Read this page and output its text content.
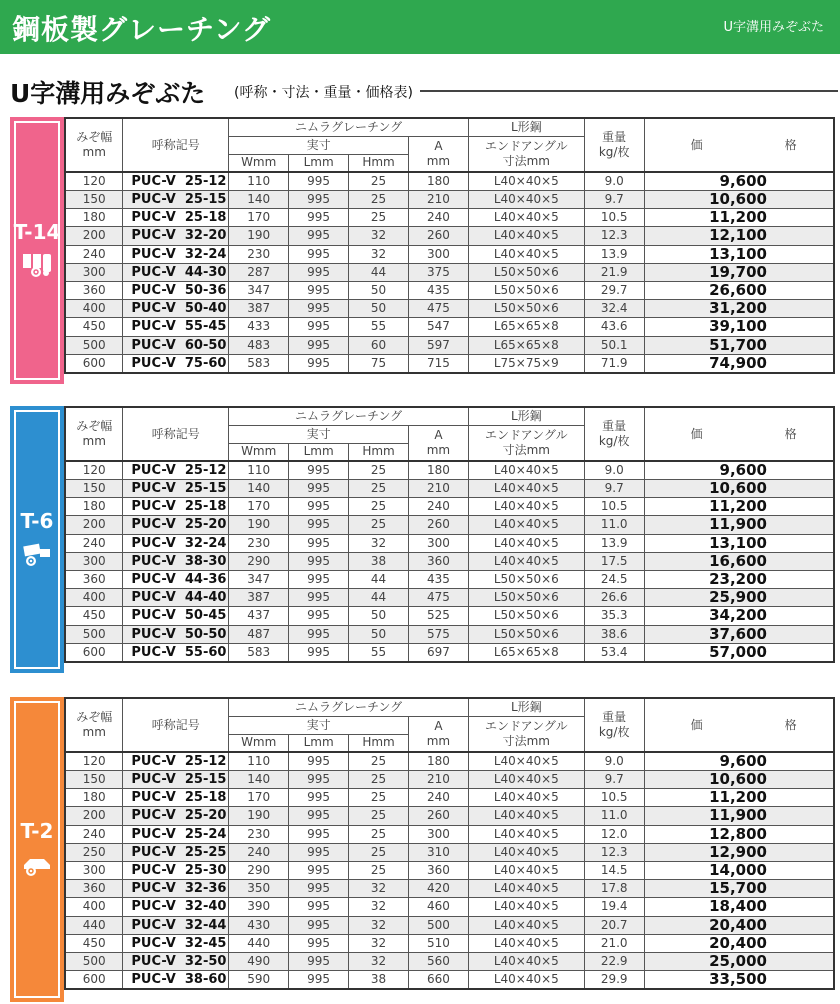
鋼板製グレーチング	U字溝用みぞぶた
U字溝用みぞぶた (呼称・寸法・重量・価格表)
T-14
みぞ幅
mm	呼称記号	ニムラグレーチング				L形鋼	重量
kg/枚	価 格
		実寸			A
mm	エンドアングル
寸法mm		
		Wmm	Lmm	Hmm				
120	PUC-V  25-12	110	995	25	180	L40×40×5	9.0	9,600
150	PUC-V  25-15	140	995	25	210	L40×40×5	9.7	10,600
180	PUC-V  25-18	170	995	25	240	L40×40×5	10.5	11,200
200	PUC-V  32-20	190	995	32	260	L40×40×5	12.3	12,100
240	PUC-V  32-24	230	995	32	300	L40×40×5	13.9	13,100
300	PUC-V  44-30	287	995	44	375	L50×50×6	21.9	19,700
360	PUC-V  50-36	347	995	50	435	L50×50×6	29.7	26,600
400	PUC-V  50-40	387	995	50	475	L50×50×6	32.4	31,200
450	PUC-V  55-45	433	995	55	547	L65×65×8	43.6	39,100
500	PUC-V  60-50	483	995	60	597	L65×65×8	50.1	51,700
600	PUC-V  75-60	583	995	75	715	L75×75×9	71.9	74,900
T-6
みぞ幅
mm	呼称記号	ニムラグレーチング				L形鋼	重量
kg/枚	価 格
		実寸			A
mm	エンドアングル
寸法mm		
		Wmm	Lmm	Hmm				
120	PUC-V  25-12	110	995	25	180	L40×40×5	9.0	9,600
150	PUC-V  25-15	140	995	25	210	L40×40×5	9.7	10,600
180	PUC-V  25-18	170	995	25	240	L40×40×5	10.5	11,200
200	PUC-V  25-20	190	995	25	260	L40×40×5	11.0	11,900
240	PUC-V  32-24	230	995	32	300	L40×40×5	13.9	13,100
300	PUC-V  38-30	290	995	38	360	L40×40×5	17.5	16,600
360	PUC-V  44-36	347	995	44	435	L50×50×6	24.5	23,200
400	PUC-V  44-40	387	995	44	475	L50×50×6	26.6	25,900
450	PUC-V  50-45	437	995	50	525	L50×50×6	35.3	34,200
500	PUC-V  50-50	487	995	50	575	L50×50×6	38.6	37,600
600	PUC-V  55-60	583	995	55	697	L65×65×8	53.4	57,000
T-2
みぞ幅
mm	呼称記号	ニムラグレーチング				L形鋼	重量
kg/枚	価 格
		実寸			A
mm	エンドアングル
寸法mm		
		Wmm	Lmm	Hmm				
120	PUC-V  25-12	110	995	25	180	L40×40×5	9.0	9,600
150	PUC-V  25-15	140	995	25	210	L40×40×5	9.7	10,600
180	PUC-V  25-18	170	995	25	240	L40×40×5	10.5	11,200
200	PUC-V  25-20	190	995	25	260	L40×40×5	11.0	11,900
240	PUC-V  25-24	230	995	25	300	L40×40×5	12.0	12,800
250	PUC-V  25-25	240	995	25	310	L40×40×5	12.3	12,900
300	PUC-V  25-30	290	995	25	360	L40×40×5	14.5	14,000
360	PUC-V  32-36	350	995	32	420	L40×40×5	17.8	15,700
400	PUC-V  32-40	390	995	32	460	L40×40×5	19.4	18,400
440	PUC-V  32-44	430	995	32	500	L40×40×5	20.7	20,400
450	PUC-V  32-45	440	995	32	510	L40×40×5	21.0	20,400
500	PUC-V  32-50	490	995	32	560	L40×40×5	22.9	25,000
600	PUC-V  38-60	590	995	38	660	L40×40×5	29.9	33,500
